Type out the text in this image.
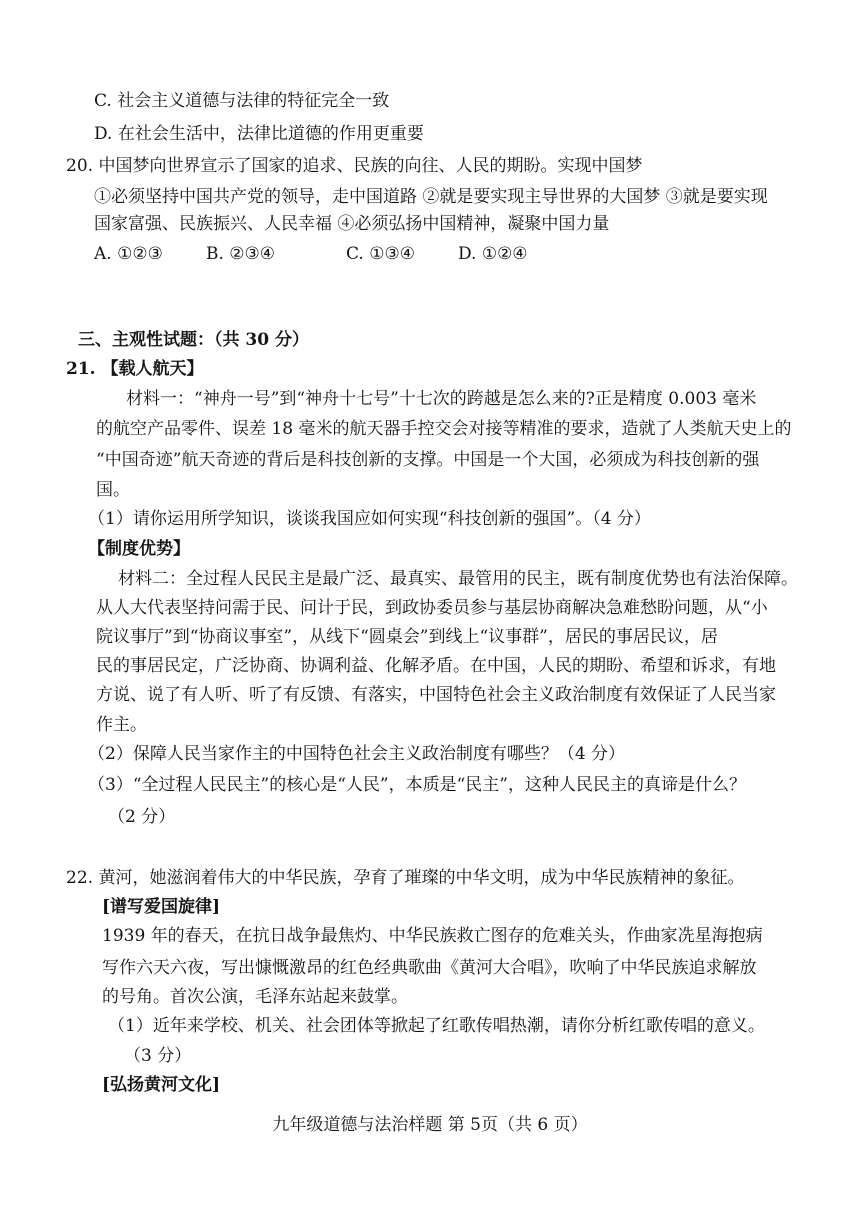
C. 社会主义道德与法律的特征完全一致
D. 在社会生活中，法律比道德的作用更重要
20. 中国梦向世界宣示了国家的追求、民族的向往、人民的期盼。实现中国梦
①必须坚持中国共产党的领导，走中国道路 ②就是要实现主导世界的大国梦 ③就是要实现
国家富强、民族振兴、人民幸福 ④必须弘扬中国精神，凝聚中国力量
A. ①②③	B. ②③④	C. ①③④	D. ①②④
三、主观性试题：（共 30 分）
21. 【载人航天】
材料一：“神舟一号”到“神舟十七号”十七次的跨越是怎么来的?正是精度 0.003 毫米
的航空产品零件、误差 18 毫米的航天器手控交会对接等精准的要求，造就了人类航天史上的
“中国奇迹”航天奇迹的背后是科技创新的支撑。中国是一个大国，必须成为科技创新的强
国。
（1）请你运用所学知识，谈谈我国应如何实现“科技创新的强国”。（4 分）
【制度优势】
材料二：全过程人民民主是最广泛、最真实、最管用的民主，既有制度优势也有法治保障。
从人大代表坚持问需于民、问计于民，到政协委员参与基层协商解决急难愁盼问题，从“小
院议事厅”到“协商议事室”，从线下“圆桌会”到线上“议事群”，居民的事居民议，居
民的事居民定，广泛协商、协调利益、化解矛盾。在中国，人民的期盼、希望和诉求，有地
方说、说了有人听、听了有反馈、有落实，中国特色社会主义政治制度有效保证了人民当家
作主。
（2）保障人民当家作主的中国特色社会主义政治制度有哪些？（4 分）
（3）“全过程人民民主”的核心是“人民”，本质是“民主”，这种人民民主的真谛是什么？
（2 分）
22. 黄河，她滋润着伟大的中华民族，孕育了璀璨的中华文明，成为中华民族精神的象征。
[谱写爱国旋律]
1939 年的春天，在抗日战争最焦灼、中华民族救亡图存的危难关头，作曲家冼星海抱病
写作六天六夜，写出慷慨激昂的红色经典歌曲《黄河大合唱》，吹响了中华民族追求解放
的号角。首次公演，毛泽东站起来鼓掌。
（1）近年来学校、机关、社会团体等掀起了红歌传唱热潮，请你分析红歌传唱的意义。
（3 分）
[弘扬黄河文化]
九年级道德与法治样题 第 5页（共 6 页）
